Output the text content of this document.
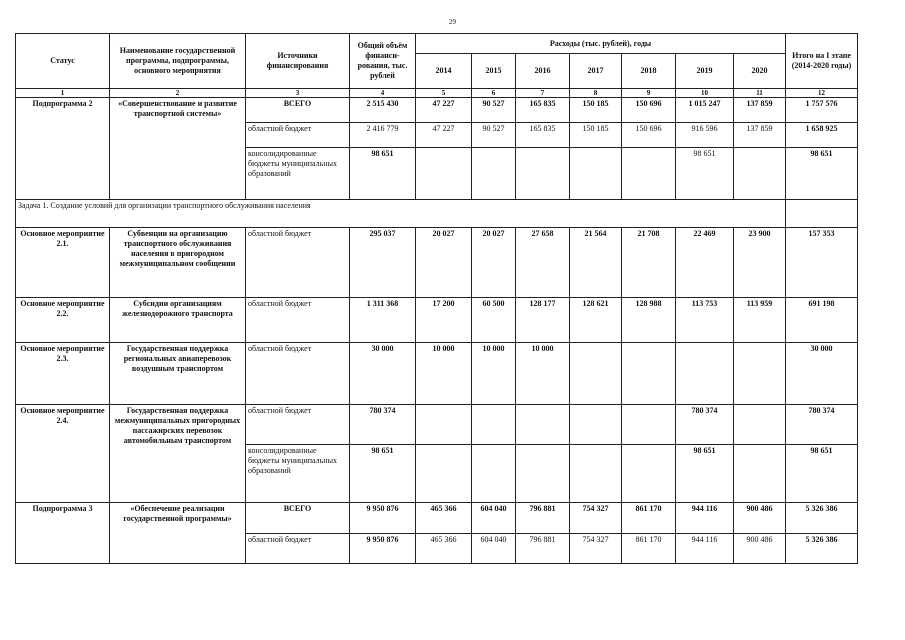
29
Статус	Наименование государственной программы, подпрограммы, основного мероприятия	Источники финансирования	Общий объём финанси-рования, тыс. рублей	Расходы (тыс. рублей), годы							Итого на I этапе (2014-2020 годы)
				2014	2015	2016	2017	2018	2019	2020	
1	2	3	4	5	6	7	8	9	10	11	12
Подпрограмма 2	«Совершенствование и развитие транспортной системы»	ВСЕГО	2 515 430	47 227	90 527	165 835	150 185	150 696	1 015 247	137 859	1 757 576
		областной бюджет	2 416 779	47 227	90 527	165 835	150 185	150 696	916 596	137 859	1 658 925
		консолидированные бюджеты муниципальных образований	98 651						98 651		98 651
Задача 1. Создание условий для организации транспортного обслуживания населения											
Основное мероприятие 2.1.	Субвенции на организацию транспортного обслуживания населения в пригородном межмуниципальном сообщении	областной бюджет	295 037	20 027	20 027	27 658	21 564	21 708	22 469	23 900	157 353
Основное мероприятие 2.2.	Субсидии организациям железнодорожного транспорта	областной бюджет	1 311 368	17 200	60 500	128 177	128 621	128 988	113 753	113 959	691 198
Основное мероприятие 2.3.	Государственная поддержка региональных авиаперевозок воздушным транспортом	областной бюджет	30 000	10 000	10 000	10 000					30 000
Основное мероприятие 2.4.	Государственная поддержка межмуниципальных пригородных пассажирских перевозок автомобильным транспортом	областной бюджет	780 374						780 374		780 374
		консолидированные бюджеты муниципальных образований	98 651						98 651		98 651
Подпрограмма 3	«Обеспечение реализации государственной программы»	ВСЕГО	9 950 876	465 366	604 040	796 881	754 327	861 170	944 116	900 486	5 326 386
		областной бюджет	9 950 876	465 366	604 040	796 881	754 327	861 170	944 116	900 486	5 326 386
